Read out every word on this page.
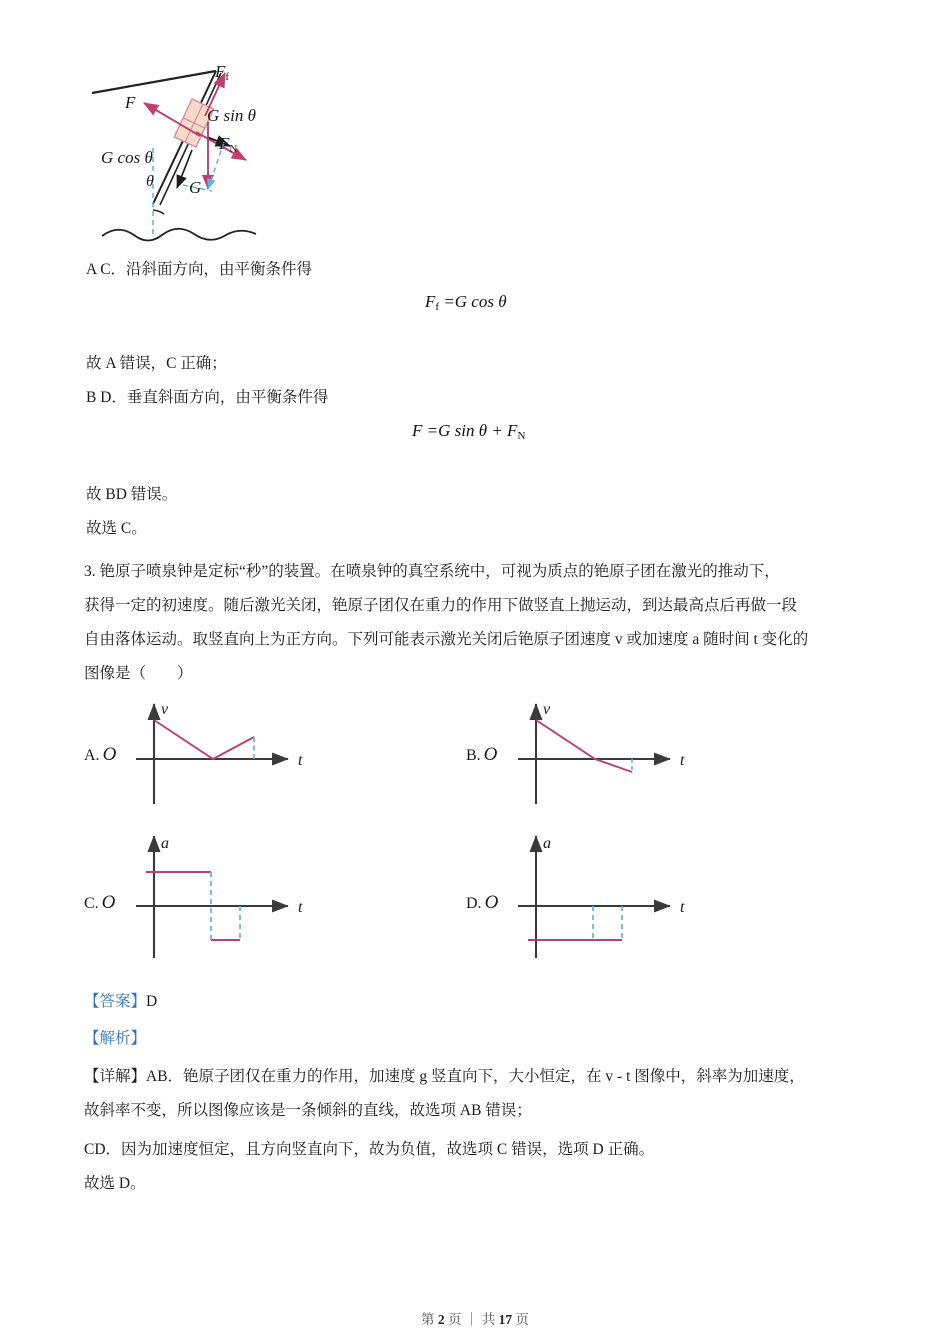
Ff
F
G sin θ
FN
G cos θ
θ G
A C．沿斜面方向，由平衡条件得
$F_f =G$ cos θ
故 A 错误，C 正确；
B D．垂直斜面方向，由平衡条件得
F =G $\sin \theta + F_N$
故 BD 错误。
故选 C。
3. 铯原子喷泉钟是定标“秒”的装置。在喷泉钟的真空系统中，可视为质点的铯原子团在激光的推动下，
获得一定的初速度。随后激光关闭，铯原子团仅在重力的作用下做竖直上抛运动，到达最高点后再做一段
自由落体运动。取竖直向上为正方向。下列可能表示激光关闭后铯原子团速度 v 或加速度 a 随时间 t 变化的
图像是（　　）
A. O
v
t	B. O
v
t
C. O
a
t	D. O
a
t
【答案】D
【解析】
【详解】AB．铯原子团仅在重力的作用，加速度 g 竖直向下，大小恒定，在 v - t 图像中，斜率为加速度，
故斜率不变，所以图像应该是一条倾斜的直线，故选项 AB 错误；
CD．因为加速度恒定，且方向竖直向下，故为负值，故选项 C 错误，选项 D 正确。
故选 D。
第 2 页 ｜ 共 17 页
